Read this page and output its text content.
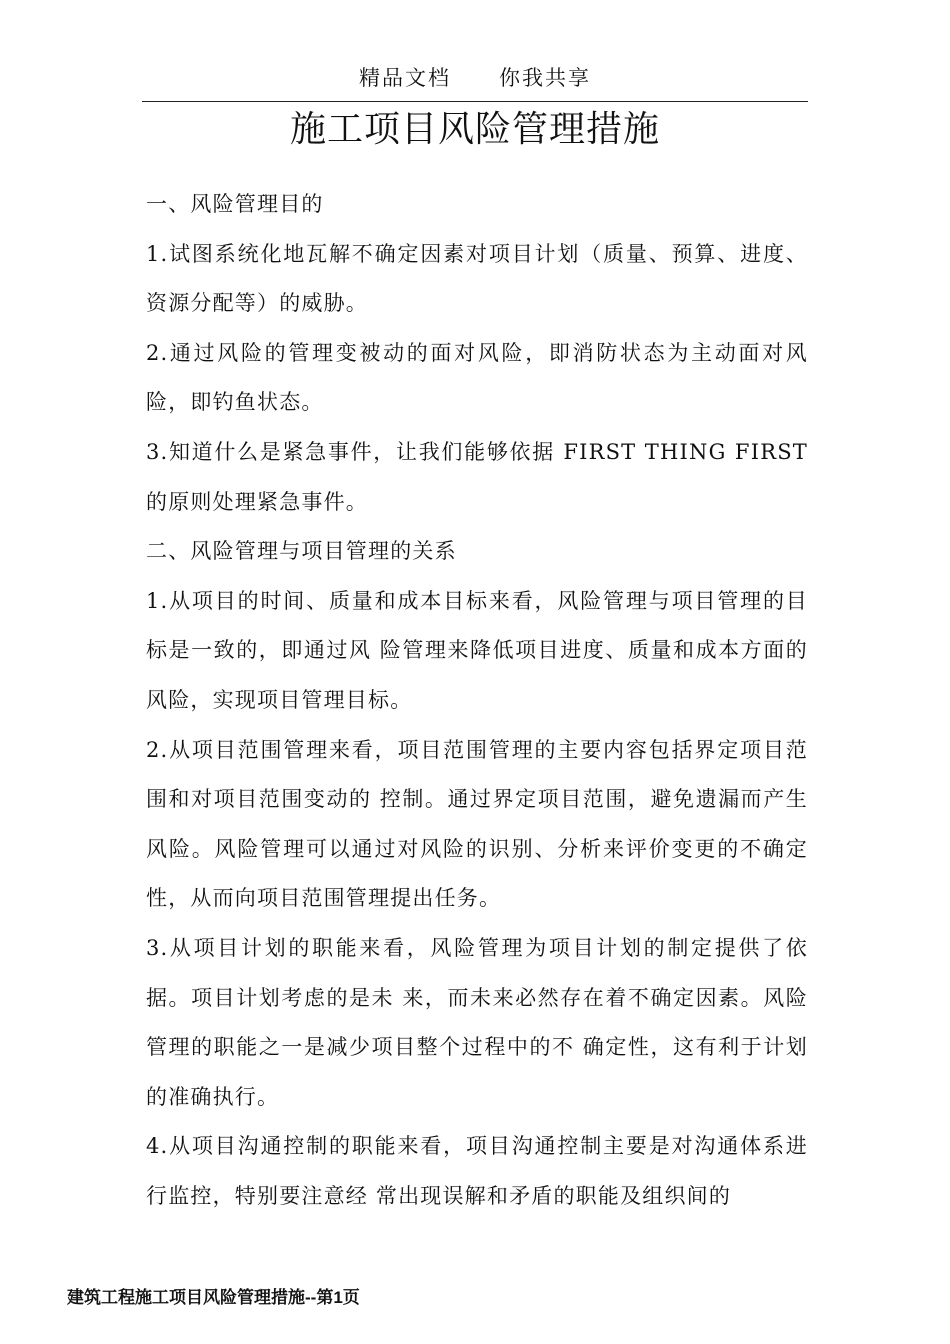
精品文档 你我共享
施工项目风险管理措施

一、风险管理目的

1.试图系统化地瓦解不确定因素对项目计划（质量、预算、进度、资源分配等）的威胁。

2.通过风险的管理变被动的面对风险，即消防状态为主动面对风险，即钓鱼状态。

3.知道什么是紧急事件，让我们能够依据 FIRST THING FIRST 的原则处理紧急事件。

二、风险管理与项目管理的关系

1.从项目的时间、质量和成本目标来看，风险管理与项目管理的目标是一致的，即通过风 险管理来降低项目进度、质量和成本方面的风险，实现项目管理目标。

2.从项目范围管理来看，项目范围管理的主要内容包括界定项目范围和对项目范围变动的 控制。通过界定项目范围，避免遗漏而产生风险。风险管理可以通过对风险的识别、分析来评价变更的不确定性，从而向项目范围管理提出任务。

3.从项目计划的职能来看，风险管理为项目计划的制定提供了依据。项目计划考虑的是未 来，而未来必然存在着不确定因素。风险管理的职能之一是减少项目整个过程中的不 确定性，这有利于计划的准确执行。

4.从项目沟通控制的职能来看，项目沟通控制主要是对沟通体系进行监控，特别要注意经 常出现误解和矛盾的职能及组织间的

建筑工程施工项目风险管理措施--第1页
